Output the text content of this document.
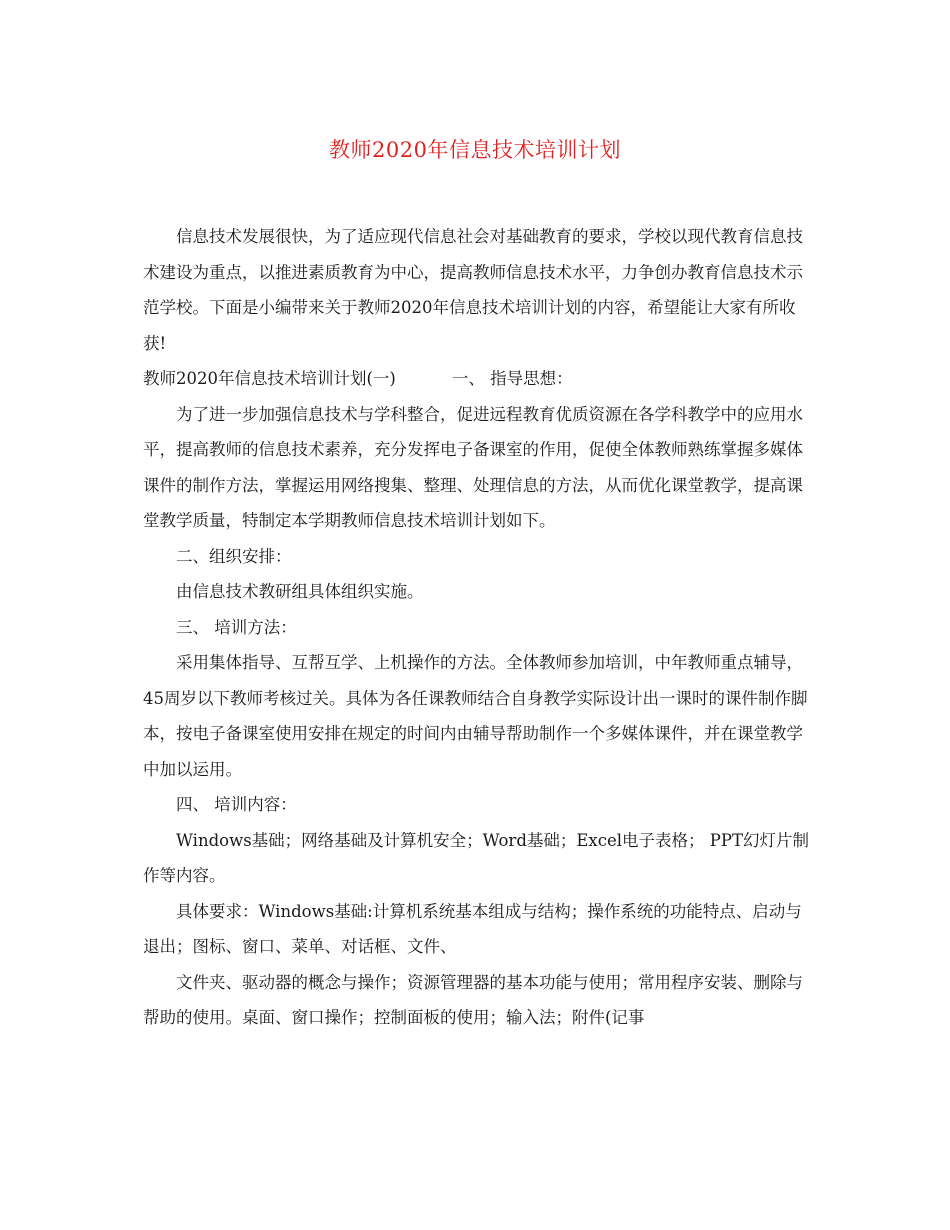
教师2020年信息技术培训计划

信息技术发展很快，为了适应现代信息社会对基础教育的要求，学校以现代教育信息技术建设为重点，以推进素质教育为中心，提高教师信息技术水平，力争创办教育信息技术示范学校。下面是小编带来关于教师2020年信息技术培训计划的内容，希望能让大家有所收获!

教师2020年信息技术培训计划(一)	一、 指导思想：

为了进一步加强信息技术与学科整合，促进远程教育优质资源在各学科教学中的应用水平，提高教师的信息技术素养，充分发挥电子备课室的作用，促使全体教师熟练掌握多媒体课件的制作方法，掌握运用网络搜集、整理、处理信息的方法，从而优化课堂教学，提高课堂教学质量，特制定本学期教师信息技术培训计划如下。

二、组织安排：

由信息技术教研组具体组织实施。

三、 培训方法：

采用集体指导、互帮互学、上机操作的方法。全体教师参加培训，中年教师重点辅导，45周岁以下教师考核过关。具体为各任课教师结合自身教学实际设计出一课时的课件制作脚本，按电子备课室使用安排在规定的时间内由辅导帮助制作一个多媒体课件，并在课堂教学中加以运用。

四、 培训内容：

Windows基础；网络基础及计算机安全；Word基础；Excel电子表格； PPT幻灯片制作等内容。

具体要求：Windows基础:计算机系统基本组成与结构；操作系统的功能特点、启动与退出；图标、窗口、菜单、对话框、文件、

文件夹、驱动器的概念与操作；资源管理器的基本功能与使用；常用程序安装、删除与帮助的使用。桌面、窗口操作；控制面板的使用；输入法；附件(记事
